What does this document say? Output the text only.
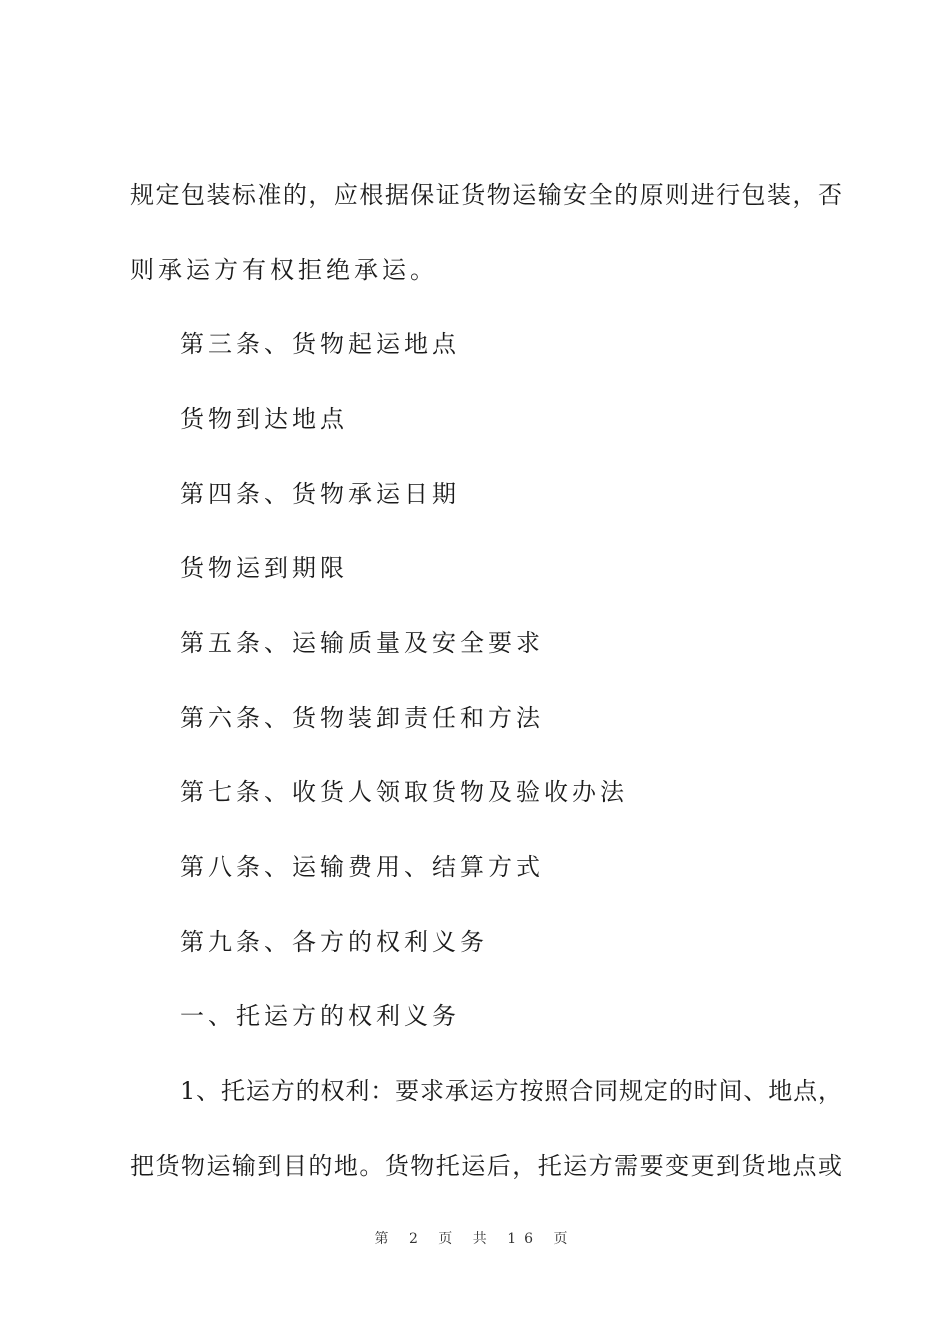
规定包装标准的，应根据保证货物运输安全的原则进行包装，否
则承运方有权拒绝承运。
第三条、货物起运地点
货物到达地点
第四条、货物承运日期
货物运到期限
第五条、运输质量及安全要求
第六条、货物装卸责任和方法
第七条、收货人领取货物及验收办法
第八条、运输费用、结算方式
第九条、各方的权利义务
一、托运方的权利义务
1、托运方的权利：要求承运方按照合同规定的时间、地点，
把货物运输到目的地。货物托运后，托运方需要变更到货地点或
第 2 页 共 16 页
